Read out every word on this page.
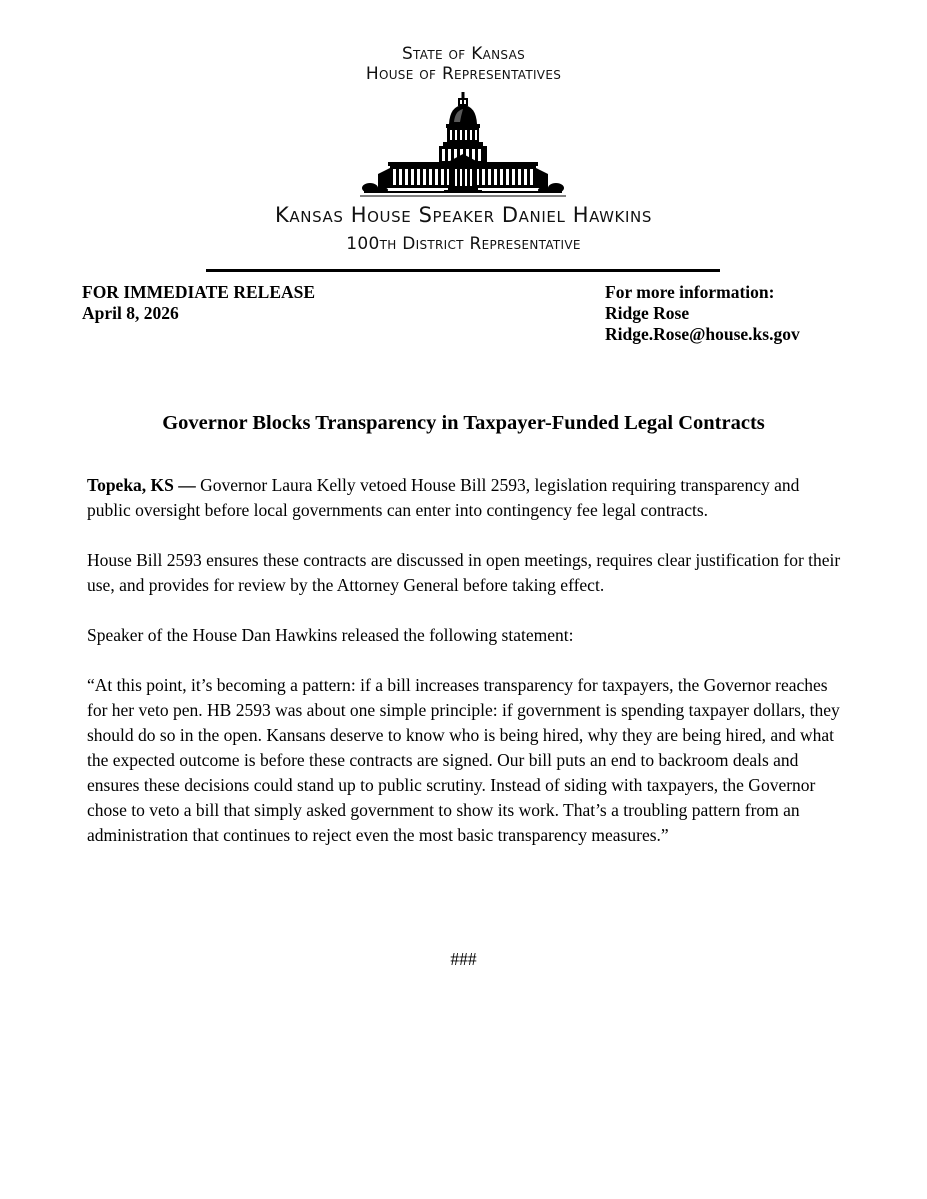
State of Kansas
House of Representatives
Kansas House Speaker Daniel Hawkins
100th District Representative
FOR IMMEDIATE RELEASE
April 8, 2026
For more information:
Ridge Rose
Ridge.Rose@house.ks.gov
Governor Blocks Transparency in Taxpayer-Funded Legal Contracts
Topeka, KS — Governor Laura Kelly vetoed House Bill 2593, legislation requiring transparency and public oversight before local governments can enter into contingency fee legal contracts.
House Bill 2593 ensures these contracts are discussed in open meetings, requires clear justification for their use, and provides for review by the Attorney General before taking effect.
Speaker of the House Dan Hawkins released the following statement:
“At this point, it’s becoming a pattern: if a bill increases transparency for taxpayers, the Governor reaches for her veto pen. HB 2593 was about one simple principle: if government is spending taxpayer dollars, they should do so in the open. Kansans deserve to know who is being hired, why they are being hired, and what the expected outcome is before these contracts are signed. Our bill puts an end to backroom deals and ensures these decisions could stand up to public scrutiny. Instead of siding with taxpayers, the Governor chose to veto a bill that simply asked government to show its work. That’s a troubling pattern from an administration that continues to reject even the most basic transparency measures.”
###
